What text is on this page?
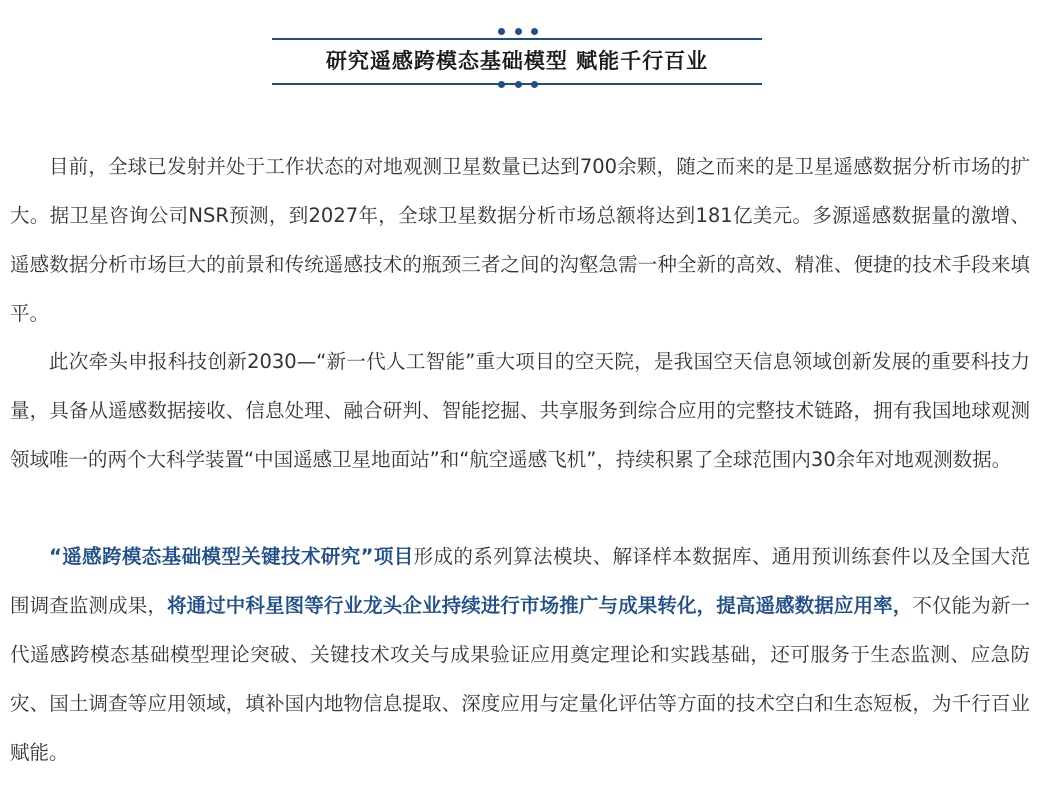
研究遥感跨模态基础模型 赋能千行百业

目前，全球已发射并处于工作状态的对地观测卫星数量已达到700余颗，随之而来的是卫星遥感数据分析市场的扩大。据卫星咨询公司NSR预测，到2027年，全球卫星数据分析市场总额将达到181亿美元。多源遥感数据量的激增、遥感数据分析市场巨大的前景和传统遥感技术的瓶颈三者之间的沟壑急需一种全新的高效、精准、便捷的技术手段来填平。

此次牵头申报科技创新2030—“新一代人工智能”重大项目的空天院，是我国空天信息领域创新发展的重要科技力量，具备从遥感数据接收、信息处理、融合研判、智能挖掘、共享服务到综合应用的完整技术链路，拥有我国地球观测领域唯一的两个大科学装置“中国遥感卫星地面站”和“航空遥感飞机”，持续积累了全球范围内30余年对地观测数据。

“遥感跨模态基础模型关键技术研究”项目形成的系列算法模块、解译样本数据库、通用预训练套件以及全国大范围调查监测成果，将通过中科星图等行业龙头企业持续进行市场推广与成果转化，提高遥感数据应用率，不仅能为新一代遥感跨模态基础模型理论突破、关键技术攻关与成果验证应用奠定理论和实践基础，还可服务于生态监测、应急防灾、国土调查等应用领域，填补国内地物信息提取、深度应用与定量化评估等方面的技术空白和生态短板，为千行百业赋能。
